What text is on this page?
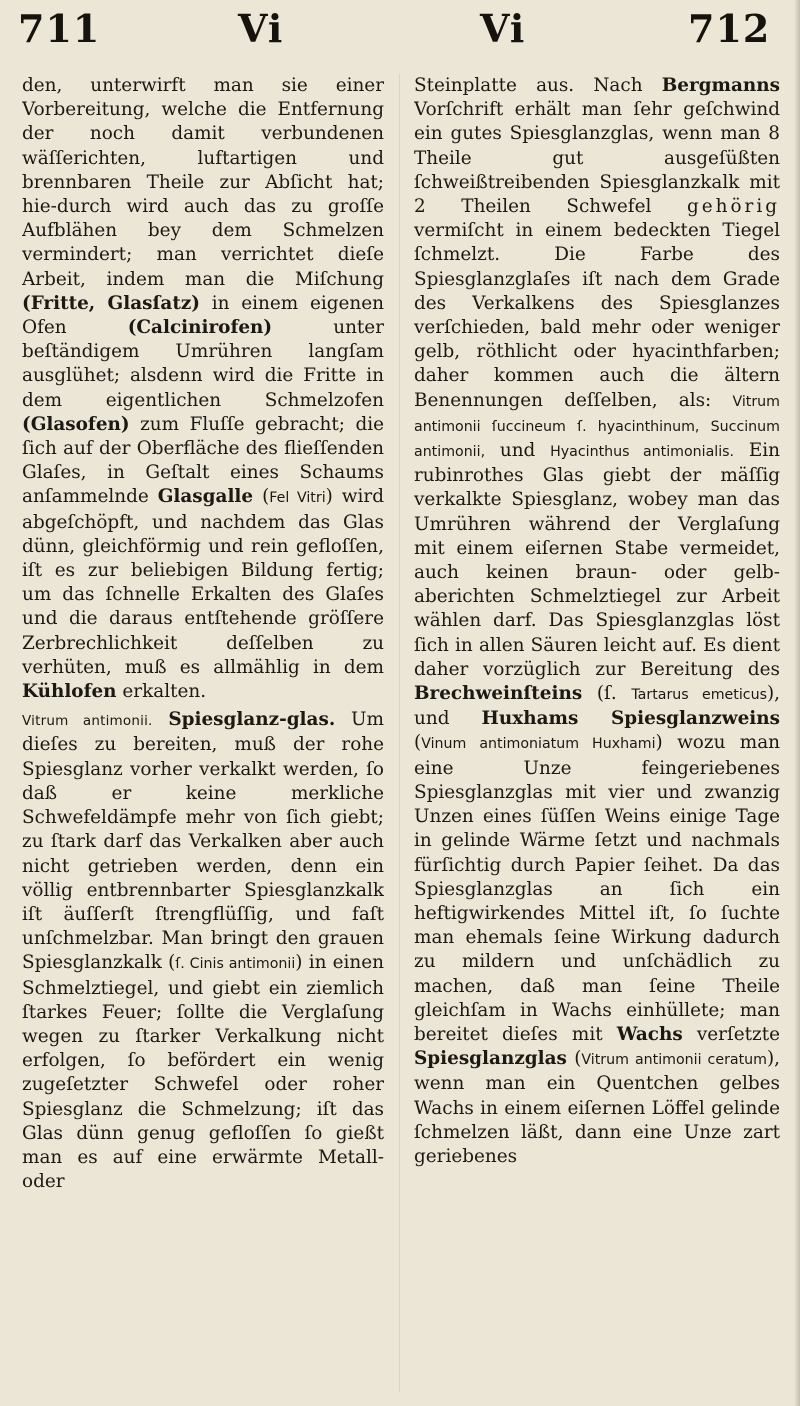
711	Vi	Vi	712

den, unterwirft man sie einer Vorbereitung, welche die Entfernung der noch damit verbundenen wäſſerichten, luftartigen und brennbaren Theile zur Abſicht hat; hie-durch wird auch das zu groſſe Aufblähen bey dem Schmelzen vermindert; man verrichtet dieſe Arbeit, indem man die Miſchung (Fritte, Glasſatz) in einem eigenen Ofen (Calcinirofen) unter beſtändigem Umrühren langſam ausglühet; alsdenn wird die Fritte in dem eigentlichen Schmelzofen (Glasofen) zum Fluſſe gebracht; die ſich auf der Oberfläche des flieſſenden Glaſes, in Geſtalt eines Schaums anſammelnde Glasgalle (Fel Vitri) wird abgeſchöpft, und nachdem das Glas dünn, gleichförmig und rein gefloſſen, iſt es zur beliebigen Bildung fertig; um das ſchnelle Erkalten des Glaſes und die daraus entſtehende gröſſere Zerbrechlichkeit deſſelben zu verhüten, muß es allmählig in dem Kühlofen erkalten.

Vitrum antimonii. Spiesglanz-glas. Um dieſes zu bereiten, muß der rohe Spiesglanz vorher verkalkt werden, ſo daß er keine merkliche Schwefeldämpfe mehr von ſich giebt; zu ſtark darf das Verkalken aber auch nicht getrieben werden, denn ein völlig entbrennbarter Spiesglanzkalk iſt äuſſerſt ſtrengflüſſig, und faſt unſchmelzbar. Man bringt den grauen Spiesglanzkalk (ſ. Cinis antimonii) in einen Schmelztiegel, und giebt ein ziemlich ſtarkes Feuer; ſollte die Verglaſung wegen zu ſtarker Verkalkung nicht erfolgen, ſo befördert ein wenig zugeſetzter Schwefel oder roher Spiesglanz die Schmelzung; iſt das Glas dünn genug gefloſſen ſo gießt man es auf eine erwärmte Metall- oder

Steinplatte aus. Nach Bergmanns Vorſchrift erhält man ſehr geſchwind ein gutes Spiesglanzglas, wenn man 8 Theile gut ausgeſüßten ſchweißtreibenden Spiesglanzkalk mit 2 Theilen Schwefel gehörig vermiſcht in einem bedeckten Tiegel ſchmelzt. Die Farbe des Spiesglanzglaſes iſt nach dem Grade des Verkalkens des Spiesglanzes verſchieden, bald mehr oder weniger gelb, röthlicht oder hyacinthfarben; daher kommen auch die ältern Benennungen deſſelben, als: Vitrum antimonii ſuccineum ſ. hyacinthinum, Succinum antimonii, und Hyacinthus antimonialis. Ein rubinrothes Glas giebt der mäſſig verkalkte Spiesglanz, wobey man das Umrühren während der Verglaſung mit einem eiſernen Stabe vermeidet, auch keinen braun- oder gelb-aberichten Schmelztiegel zur Arbeit wählen darf. Das Spiesglanzglas löst ſich in allen Säuren leicht auf. Es dient daher vorzüglich zur Bereitung des Brechweinſteins (ſ. Tartarus emeticus), und Huxhams Spiesglanzweins (Vinum antimoniatum Huxhami) wozu man eine Unze feingeriebenes Spiesglanzglas mit vier und zwanzig Unzen eines ſüſſen Weins einige Tage in gelinde Wärme ſetzt und nachmals fürſichtig durch Papier ſeihet. Da das Spiesglanzglas an ſich ein heftigwirkendes Mittel iſt, ſo ſuchte man ehemals ſeine Wirkung dadurch zu mildern und unſchädlich zu machen, daß man ſeine Theile gleichſam in Wachs einhüllete; man bereitet dieſes mit Wachs verſetzte Spiesglanzglas (Vitrum antimonii ceratum), wenn man ein Quentchen gelbes Wachs in einem eiſernen Löffel gelinde ſchmelzen läßt, dann eine Unze zart geriebenes
